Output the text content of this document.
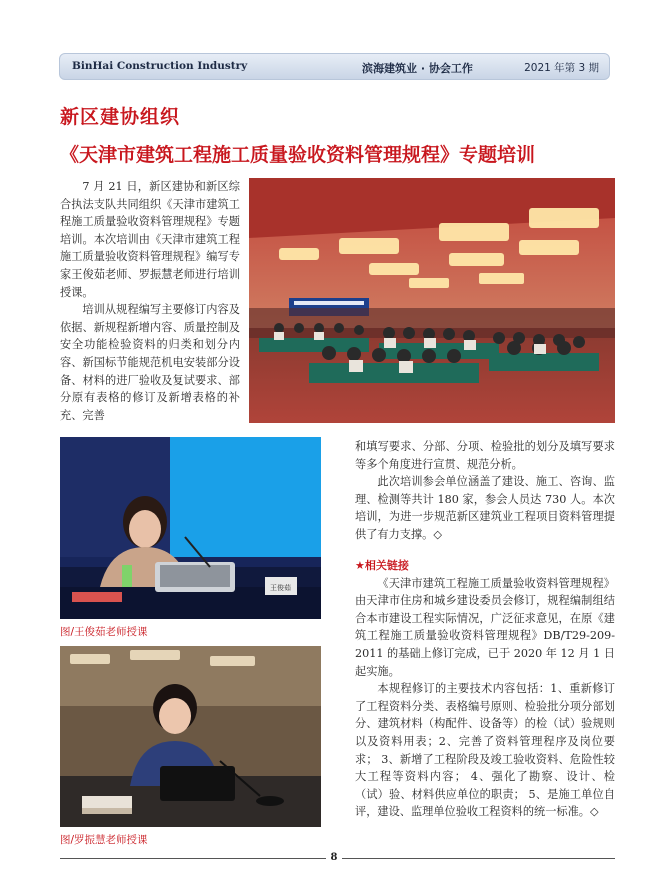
BinHai Construction Industry	滨海建筑业 · 协会工作	2021 年第 3 期
新区建协组织
《天津市建筑工程施工质量验收资料管理规程》专题培训

7 月 21 日，新区建协和新区综合执法支队共同组织《天津市建筑工程施工质量验收资料管理规程》专题培训。本次培训由《天津市建筑工程施工质量验收资料管理规程》编写专家王俊茹老师、罗振慧老师进行培训授课。

培训从规程编写主要修订内容及依据、新规程新增内容、质量控制及安全功能检验资料的归类和划分内容、新国标节能规范机电安装部分设备、材料的进厂验收及复试要求、部分原有表格的修订及新增表格的补充、完善

王俊茹
图/王俊茹老师授课
图/罗振慧老师授课

和填写要求、分部、分项、检验批的划分及填写要求等多个角度进行宣贯、规范分析。

此次培训参会单位涵盖了建设、施工、咨询、监理、检测等共计 180 家，参会人员达 730 人。本次培训，为进一步规范新区建筑业工程项目资料管理提供了有力支撑。◇

★相关链接

《天津市建筑工程施工质量验收资料管理规程》由天津市住房和城乡建设委员会修订，规程编制组结合本市建设工程实际情况，广泛征求意见，在原《建筑工程施工质量验收资料管理规程》DB/T29-209-2011 的基础上修订完成，已于 2020 年 12 月 1 日起实施。

本规程修订的主要技术内容包括：1、重新修订了工程资料分类、表格编号原则、检验批分项分部划分、建筑材料（构配件、设备等）的检（试）验规则以及资料用表；2、完善了资料管理程序及岗位要求； 3、新增了工程阶段及竣工验收资料、危险性较大工程等资料内容； 4、强化了勘察、设计、检（试）验、材料供应单位的职责； 5、是施工单位自评，建设、监理单位验收工程资料的统一标准。◇

8
